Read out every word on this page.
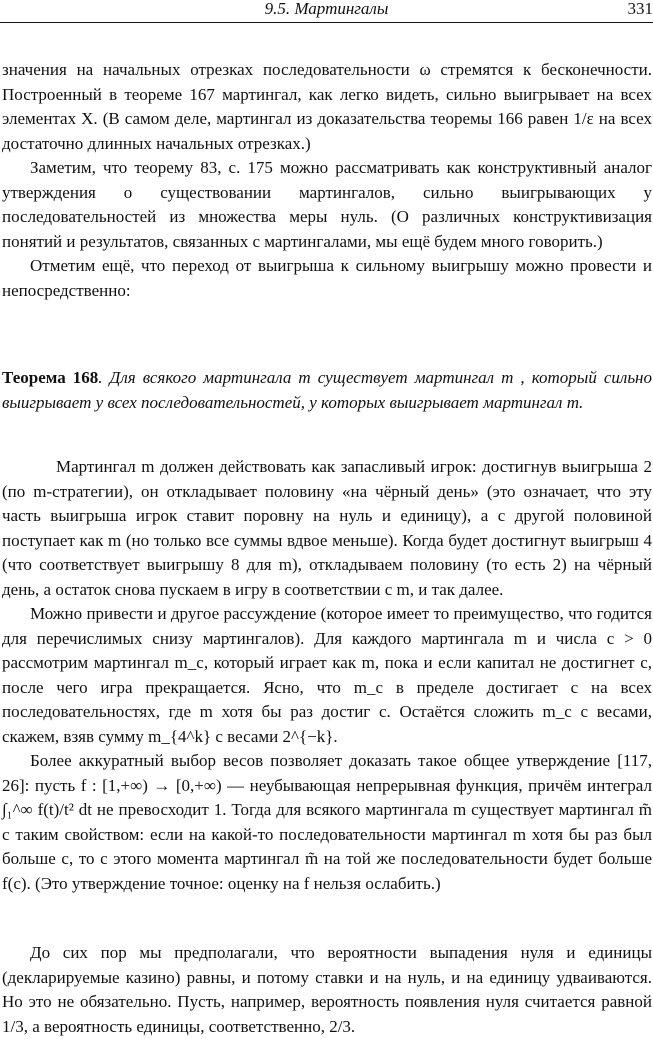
9.5. Мартингалы	331

значения на начальных отрезках последовательности ω стремятся к бесконечности. Построенный в теореме 167 мартингал, как легко видеть, сильно выигрывает на всех элементах X. (В самом деле, мартингал из доказательства теоремы 166 равен 1/ε на всех достаточно длинных начальных отрезках.)

Заметим, что теорему 83, с. 175 можно рассматривать как конструктивный аналог утверждения о существовании мартингалов, сильно выигрывающих у последовательностей из множества меры нуль. (О различных конструктивизация понятий и результатов, связанных с мартингалами, мы ещё будем много говорить.)

Отметим ещё, что переход от выигрыша к сильному выигрышу можно провести и непосредственно:

Теорема 168. Для всякого мартингала m существует мартингал m , который сильно выигрывает у всех последовательностей, у которых выигрывает мартингал m.

Мартингал m должен действовать как запасливый игрок: достигнув выигрыша 2 (по m-стратегии), он откладывает половину «на чёрный день» (это означает, что эту часть выигрыша игрок ставит поровну на нуль и единицу), а с другой половиной поступает как m (но только все суммы вдвое меньше). Когда будет достигнут выигрыш 4 (что соответствует выигрышу 8 для m), откладываем половину (то есть 2) на чёрный день, а остаток снова пускаем в игру в соответствии с m, и так далее.

Можно привести и другое рассуждение (которое имеет то преимущество, что годится для перечислимых снизу мартингалов). Для каждого мартингала m и числа c > 0 рассмотрим мартингал m_c, который играет как m, пока и если капитал не достигнет c, после чего игра прекращается. Ясно, что m_c в пределе достигает c на всех последовательностях, где m хотя бы раз достиг c. Остаётся сложить m_c с весами, скажем, взяв сумму m_{4^k} с весами 2^{−k}.

Более аккуратный выбор весов позволяет доказать такое общее утверждение [117, 26]: пусть f : [1,+∞) → [0,+∞) — неубывающая непрерывная функция, причём интеграл ∫₁^∞ f(t)/t² dt не превосходит 1. Тогда для всякого мартингала m существует мартингал m̃ с таким свойством: если на какой-то последовательности мартингал m хотя бы раз был больше c, то с этого момента мартингал m̃ на той же последовательности будет больше f(c). (Это утверждение точное: оценку на f нельзя ослабить.)

До сих пор мы предполагали, что вероятности выпадения нуля и единицы (декларируемые казино) равны, и потому ставки и на нуль, и на единицу удваиваются. Но это не обязательно. Пусть, например, вероятность появления нуля считается равной 1/3, а вероятность единицы, соответственно, 2/3.
